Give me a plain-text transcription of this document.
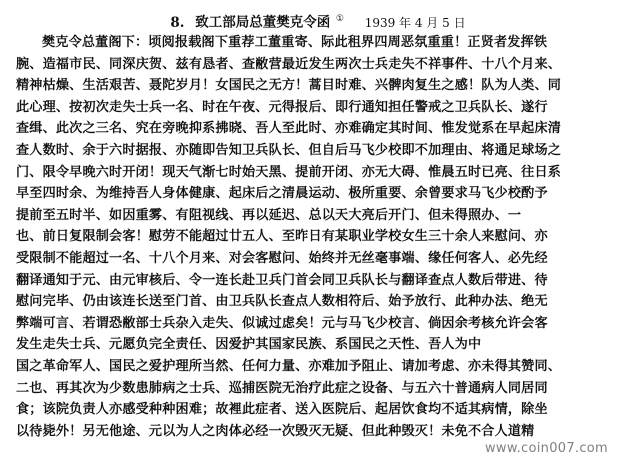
8. 致工部局总董樊克令函 ① 1939 年 4 月 5 日
樊克令总董阁下：顷阅报载阁下重荐工董重寄、际此租界四周恶氛重重！正贤者发挥铁
腕、造福市民、同深庆贺、兹有恳者、查敝营最近发生两次士兵走失不祥事件、十八个月来、
精神枯燥、生活艰苦、聂陀岁月！女国民之无方！蒿目时难、兴髀肉复生之感！队为人类、同
此心理、按初次走失士兵一名、时在午夜、元得报后、即行通知担任警戒之卫兵队长、遂行
查缉、此次之三名、究在旁晚抑系拂晓、吾人至此时、亦难确定其时间、惟发觉系在早起床清
查人数时、余于六时据报、亦随即告知卫兵队长、但自后马飞少校即不加理由、将通足球场之
门、限令早晚六时开闭！现天气渐七时始天黑、提前开闭、亦无大碍、惟晨五时已亮、往日系
早至四时余、为维持吾人身体健康、起床后之清晨运动、极所重要、余曾要求马飞少校酌予
提前至五时半、如因重雾、有阻视线、再以延迟、总以天大亮后开门、但未得照办、一
也、前日复限制会客！慰劳不能超过廿五人、至昨日有某职业学校女生三十余人来慰问、亦
受限制不能超过一名、十八个月来、对会客慰问、始终并无丝毫事端、缘任何客人、必先经
翻译通知于元、由元审核后、令一连长赴卫兵门首会同卫兵队长与翻译查点人数后带进、待
慰问完毕、仍由该连长送至门首、由卫兵队长查点人数相符后、始予放行、此种办法、绝无
弊端可言、若谓恐敝部士兵杂入走失、似诚过虑矣！元与马飞少校言、倘因余考核允许会客
发生走失士兵、元愿负完全责任、因爱护其国家民族、系国民之天性、吾人为中
国之革命军人、国民之爱护理所当然、任何力量、亦难加予阻止、请加考虑、亦未得其赞同、
二也、再其次为少数患肺病之士兵、巡捕医院无治疗此症之设备、与五六十普通病人同居同
食；该院负责人亦感受种种困难；故裡此症者、送入医院后、起居饮食均不适其病情，除坐
以待毙外！另无他途、元以为人之肉体必经一次毁灭无疑、但此种毁灭！未免不合人道精
www.coin007.com
